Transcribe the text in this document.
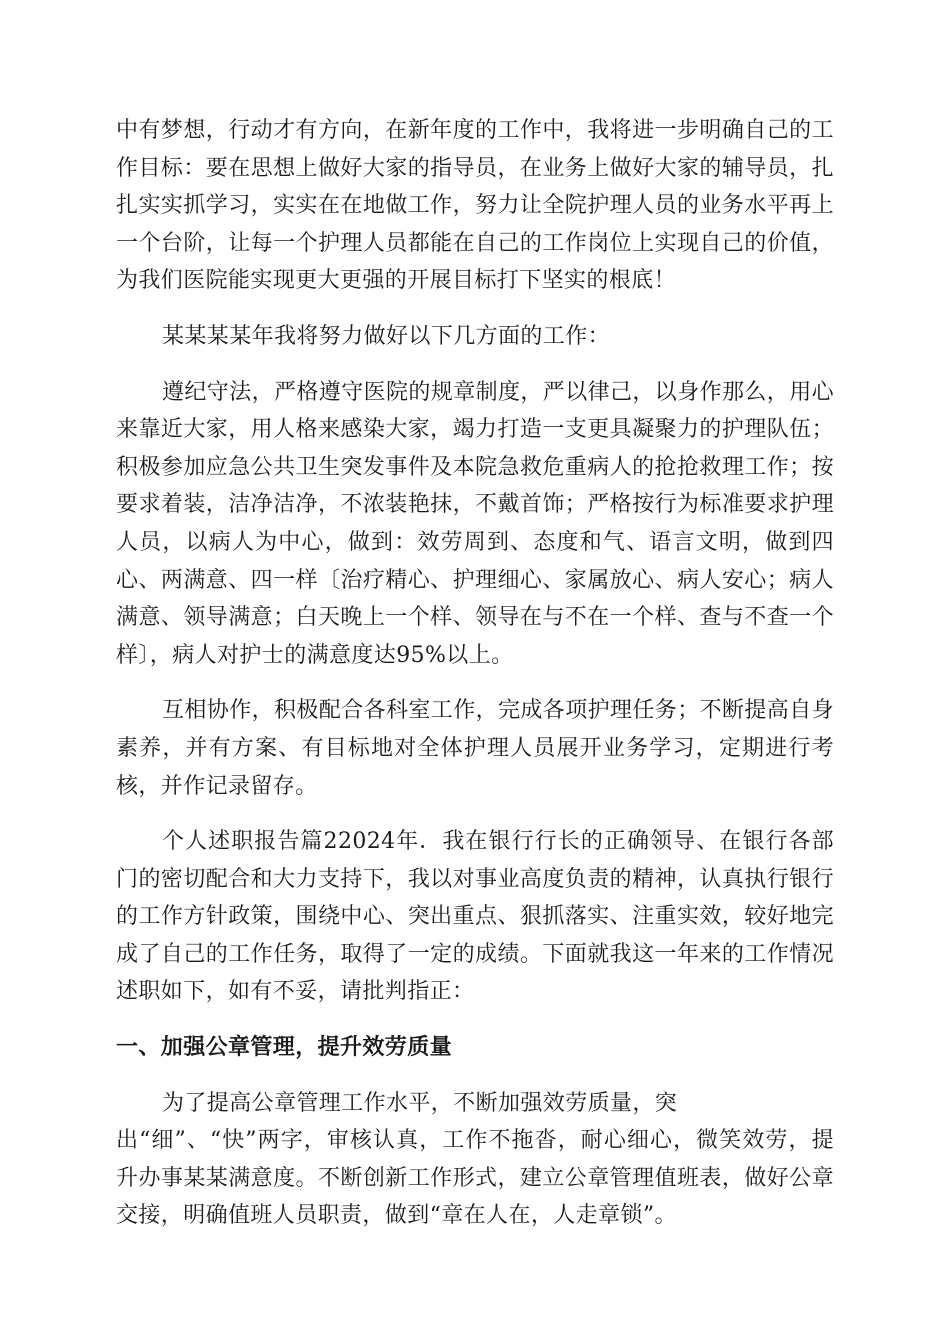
中有梦想，行动才有方向，在新年度的工作中，我将进一步明确自己的工作目标：要在思想上做好大家的指导员，在业务上做好大家的辅导员，扎扎实实抓学习，实实在在地做工作，努力让全院护理人员的业务水平再上一个台阶，让每一个护理人员都能在自己的工作岗位上实现自己的价值，为我们医院能实现更大更强的开展目标打下坚实的根底！

某某某某年我将努力做好以下几方面的工作：

遵纪守法，严格遵守医院的规章制度，严以律己，以身作那么，用心来靠近大家，用人格来感染大家，竭力打造一支更具凝聚力的护理队伍；积极参加应急公共卫生突发事件及本院急救危重病人的抢抢救理工作；按要求着装，洁净洁净，不浓装艳抹，不戴首饰；严格按行为标准要求护理人员，以病人为中心，做到：效劳周到、态度和气、语言文明，做到四心、两满意、四一样〔治疗精心、护理细心、家属放心、病人安心；病人满意、领导满意；白天晚上一个样、领导在与不在一个样、查与不查一个样〕，病人对护士的满意度达95%以上。

互相协作，积极配合各科室工作，完成各项护理任务；不断提高自身素养，并有方案、有目标地对全体护理人员展开业务学习，定期进行考核，并作记录留存。

个人述职报告篇22024年．我在银行行长的正确领导、在银行各部门的密切配合和大力支持下，我以对事业高度负责的精神，认真执行银行的工作方针政策，围绕中心、突出重点、狠抓落实、注重实效，较好地完成了自己的工作任务，取得了一定的成绩。下面就我这一年来的工作情况述职如下，如有不妥，请批判指正：

一、加强公章管理，提升效劳质量

为了提高公章管理工作水平，不断加强效劳质量，突
出“细”、“快”两字，审核认真，工作不拖沓，耐心细心，微笑效劳，提升办事某某满意度。不断创新工作形式，建立公章管理值班表，做好公章交接，明确值班人员职责，做到“章在人在，人走章锁”。
